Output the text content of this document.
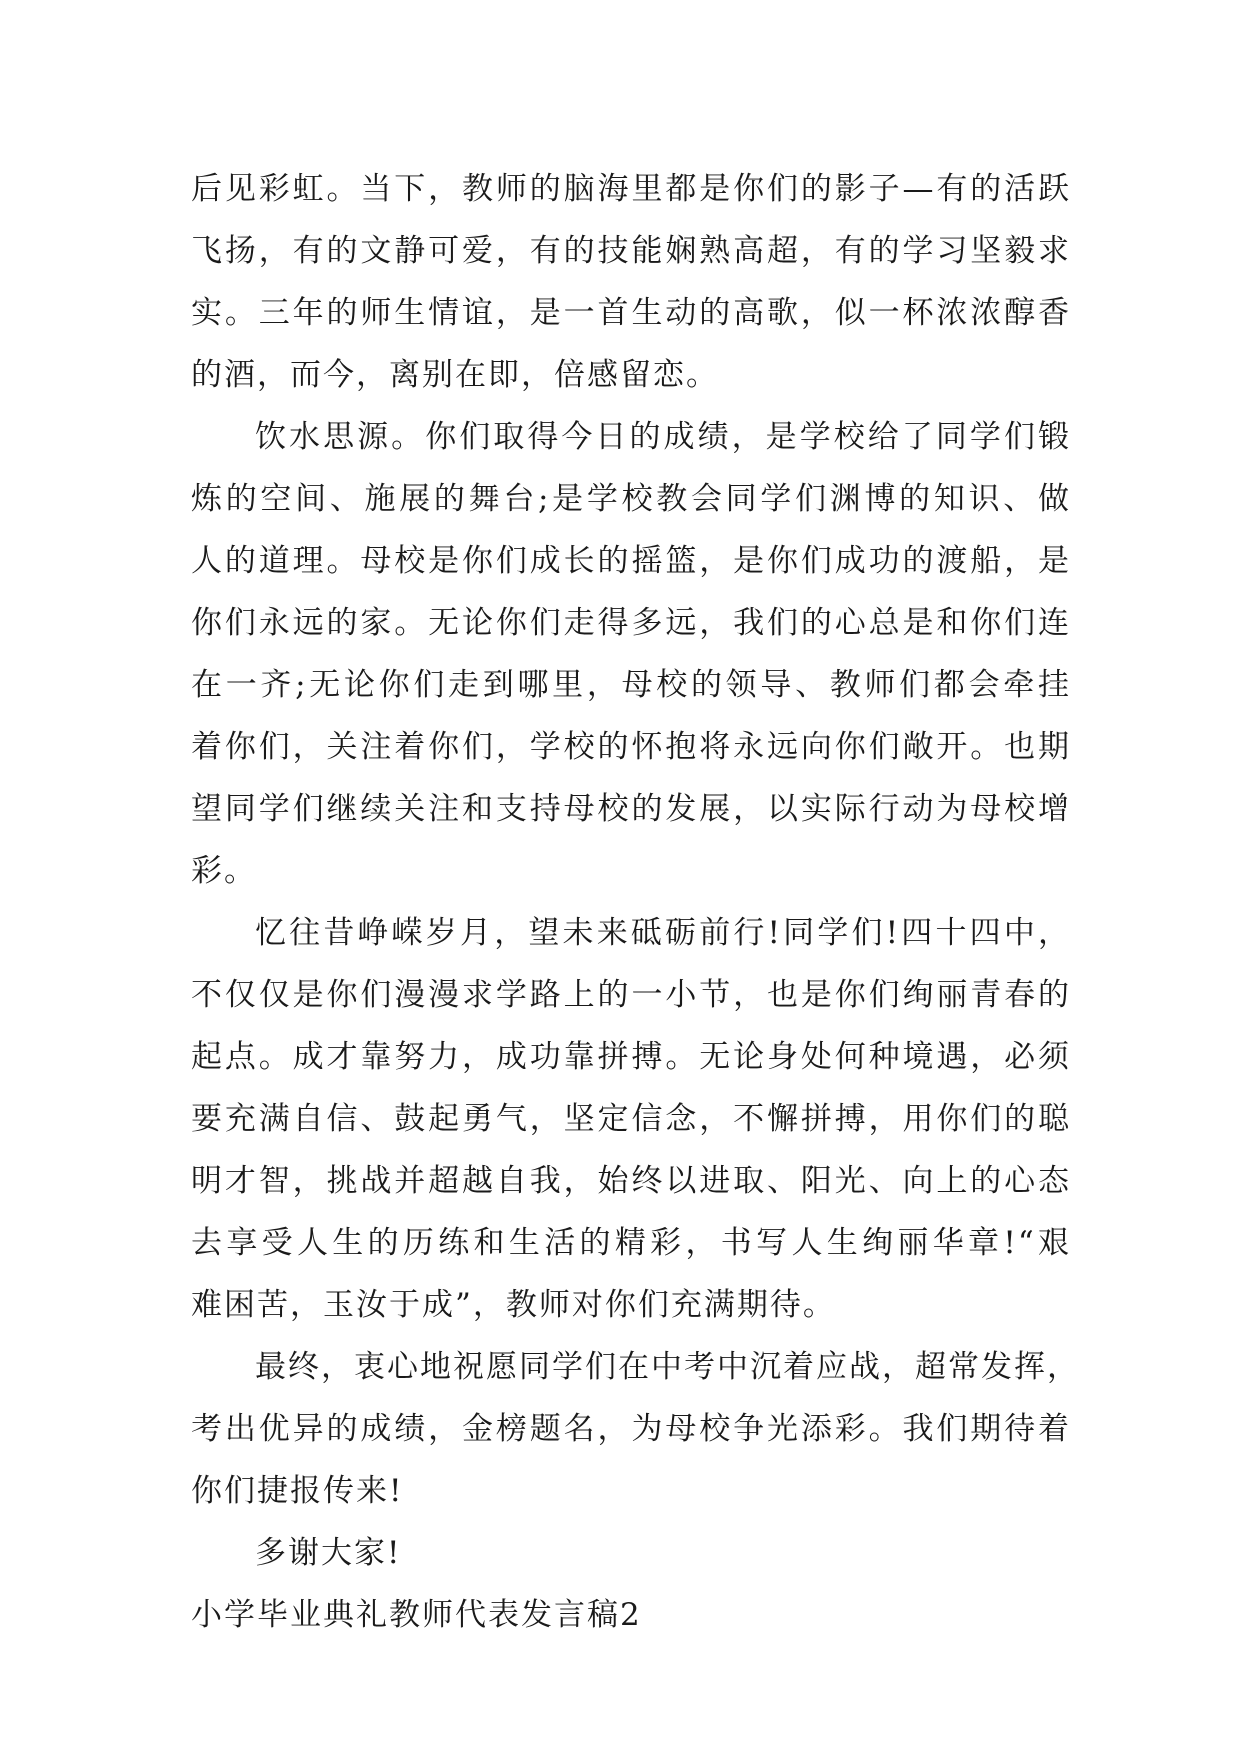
后见彩虹。当下，教师的脑海里都是你们的影子—有的活跃
飞扬，有的文静可爱，有的技能娴熟高超，有的学习坚毅求
实。三年的师生情谊，是一首生动的高歌，似一杯浓浓醇香
的酒，而今，离别在即，倍感留恋。

饮水思源。你们取得今日的成绩，是学校给了同学们锻
炼的空间、施展的舞台;是学校教会同学们渊博的知识、做
人的道理。母校是你们成长的摇篮，是你们成功的渡船，是
你们永远的家。无论你们走得多远，我们的心总是和你们连
在一齐;无论你们走到哪里，母校的领导、教师们都会牵挂
着你们，关注着你们，学校的怀抱将永远向你们敞开。也期
望同学们继续关注和支持母校的发展，以实际行动为母校增
彩。

忆往昔峥嵘岁月，望未来砥砺前行!同学们!四十四中，
不仅仅是你们漫漫求学路上的一小节，也是你们绚丽青春的
起点。成才靠努力，成功靠拼搏。无论身处何种境遇，必须
要充满自信、鼓起勇气，坚定信念，不懈拼搏，用你们的聪
明才智，挑战并超越自我，始终以进取、阳光、向上的心态
去享受人生的历练和生活的精彩，书写人生绚丽华章!“艰
难困苦，玉汝于成”，教师对你们充满期待。

最终，衷心地祝愿同学们在中考中沉着应战，超常发挥，
考出优异的成绩，金榜题名，为母校争光添彩。我们期待着
你们捷报传来!

多谢大家!

小学毕业典礼教师代表发言稿2
